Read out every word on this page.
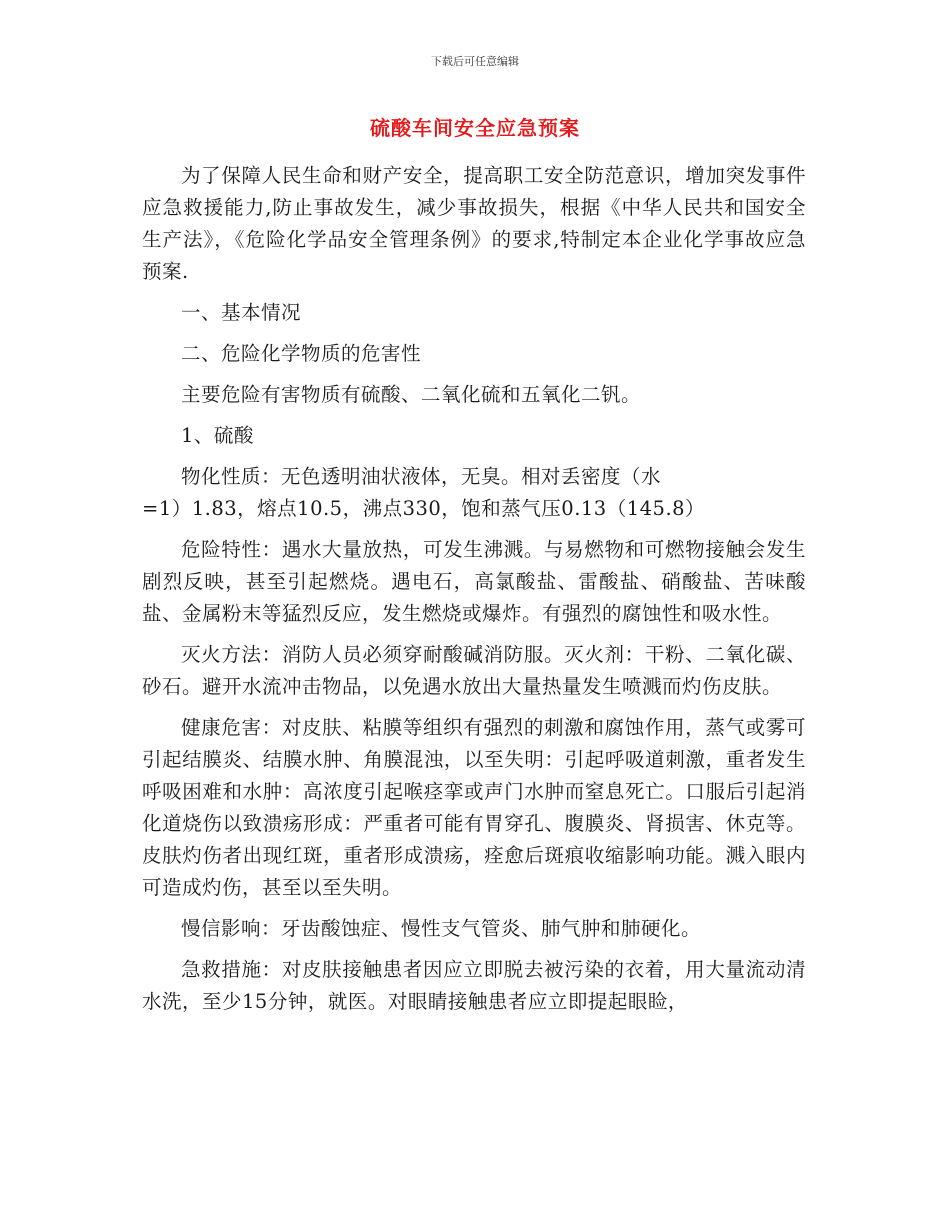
下载后可任意编辑
硫酸车间安全应急预案

为了保障人民生命和财产安全，提高职工安全防范意识，增加突发事件应急救援能力,防止事故发生，减少事故损失，根据《中华人民共和国安全生产法》，《危险化学品安全管理条例》的要求,特制定本企业化学事故应急预案.

一、基本情况

二、危险化学物质的危害性

主要危险有害物质有硫酸、二氧化硫和五氧化二钒。

1、硫酸

物化性质：无色透明油状液体，无臭。相对丢密度（水

=1）1.83，熔点10.5，沸点330，饱和蒸气压0.13（145.8）

危险特性：遇水大量放热，可发生沸溅。与易燃物和可燃物接触会发生剧烈反映，甚至引起燃烧。遇电石，高氯酸盐、雷酸盐、硝酸盐、苦味酸盐、金属粉末等猛烈反应，发生燃烧或爆炸。有强烈的腐蚀性和吸水性。

灭火方法：消防人员必须穿耐酸碱消防服。灭火剂：干粉、二氧化碳、砂石。避开水流冲击物品，以免遇水放出大量热量发生喷溅而灼伤皮肤。

健康危害：对皮肤、粘膜等组织有强烈的刺激和腐蚀作用，蒸气或雾可引起结膜炎、结膜水肿、角膜混浊，以至失明：引起呼吸道刺激，重者发生呼吸困难和水肿：高浓度引起喉痉挛或声门水肿而窒息死亡。口服后引起消化道烧伤以致溃疡形成：严重者可能有胃穿孔、腹膜炎、肾损害、休克等。皮肤灼伤者出现红斑，重者形成溃疡，痊愈后斑痕收缩影响功能。溅入眼内可造成灼伤，甚至以至失明。

慢信影响：牙齿酸蚀症、慢性支气管炎、肺气肿和肺硬化。

急救措施：对皮肤接触患者因应立即脱去被污染的衣着，用大量流动清水洗，至少15分钟，就医。对眼睛接触患者应立即提起眼睑，
